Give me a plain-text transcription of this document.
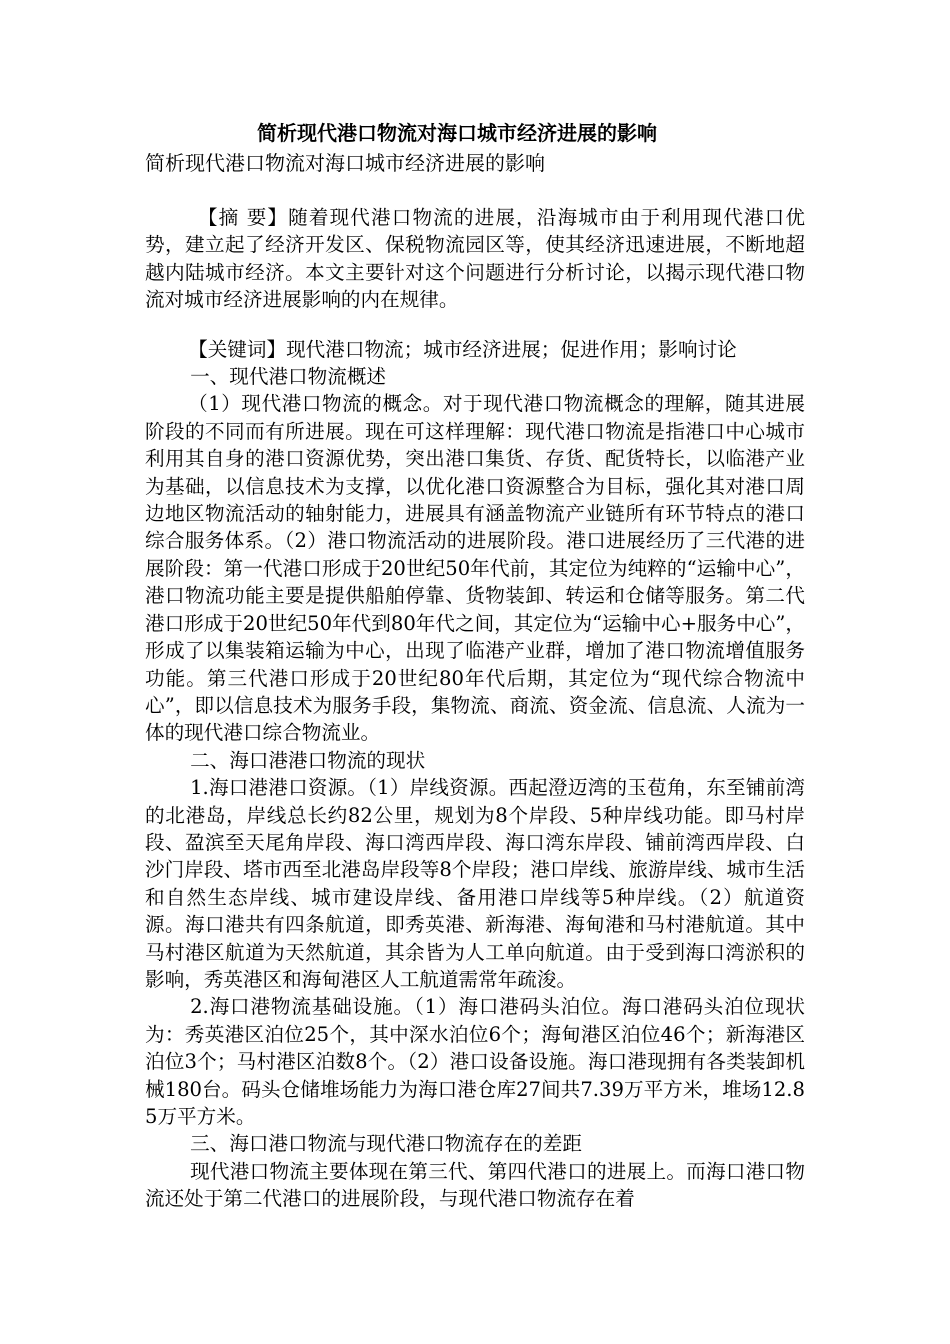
简析现代港口物流对海口城市经济进展的影响

简析现代港口物流对海口城市经济进展的影响

【摘 要】随着现代港口物流的进展，沿海城市由于利用现代港口优势，建立起了经济开发区、保税物流园区等，使其经济迅速进展，不断地超越内陆城市经济。本文主要针对这个问题进行分析讨论，以揭示现代港口物流对城市经济进展影响的内在规律。

【关键词】现代港口物流；城市经济进展；促进作用；影响讨论

一、现代港口物流概述

（1）现代港口物流的概念。对于现代港口物流概念的理解，随其进展阶段的不同而有所进展。现在可这样理解：现代港口物流是指港口中心城市利用其自身的港口资源优势，突出港口集货、存货、配货特长，以临港产业为基础，以信息技术为支撑，以优化港口资源整合为目标，强化其对港口周边地区物流活动的轴射能力，进展具有涵盖物流产业链所有环节特点的港口综合服务体系。（2）港口物流活动的进展阶段。港口进展经历了三代港的进展阶段：第一代港口形成于20世纪50年代前，其定位为纯粹的“运输中心”，港口物流功能主要是提供船舶停靠、货物装卸、转运和仓储等服务。第二代港口形成于20世纪50年代到80年代之间，其定位为“运输中心+服务中心”，形成了以集装箱运输为中心，出现了临港产业群，增加了港口物流增值服务功能。第三代港口形成于20世纪80年代后期，其定位为“现代综合物流中心”，即以信息技术为服务手段，集物流、商流、资金流、信息流、人流为一体的现代港口综合物流业。

二、海口港港口物流的现状

1.海口港港口资源。（1）岸线资源。西起澄迈湾的玉苞角，东至铺前湾的北港岛，岸线总长约82公里，规划为8个岸段、5种岸线功能。即马村岸段、盈滨至天尾角岸段、海口湾西岸段、海口湾东岸段、铺前湾西岸段、白沙门岸段、塔市西至北港岛岸段等8个岸段；港口岸线、旅游岸线、城市生活和自然生态岸线、城市建设岸线、备用港口岸线等5种岸线。（2）航道资源。海口港共有四条航道，即秀英港、新海港、海甸港和马村港航道。其中马村港区航道为天然航道，其余皆为人工单向航道。由于受到海口湾淤积的影响，秀英港区和海甸港区人工航道需常年疏浚。

2.海口港物流基础设施。（1）海口港码头泊位。海口港码头泊位现状为：秀英港区泊位25个，其中深水泊位6个；海甸港区泊位46个；新海港区泊位3个；马村港区泊数8个。（2）港口设备设施。海口港现拥有各类装卸机械180台。码头仓储堆场能力为海口港仓库27间共7.39万平方米，堆场12.85万平方米。

三、海口港口物流与现代港口物流存在的差距

现代港口物流主要体现在第三代、第四代港口的进展上。而海口港口物流还处于第二代港口的进展阶段，与现代港口物流存在着
